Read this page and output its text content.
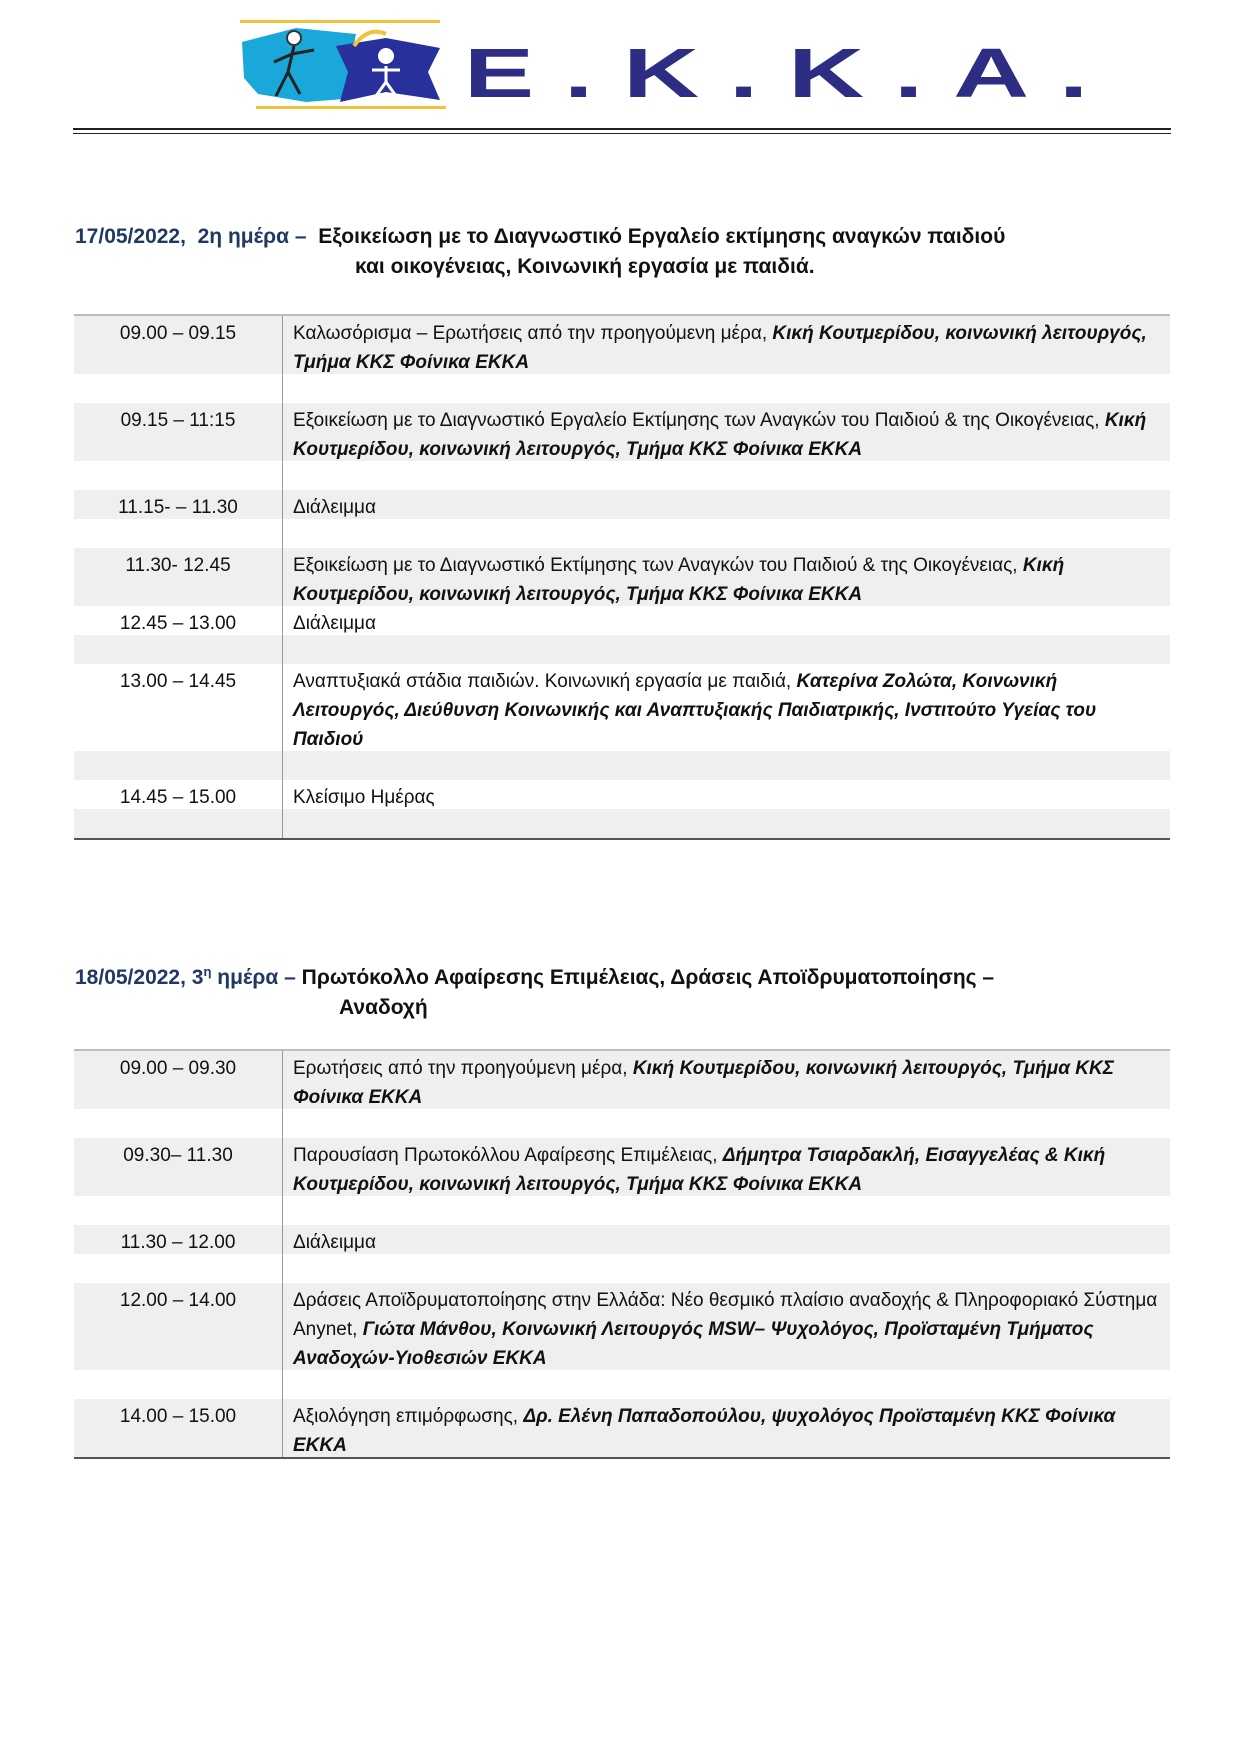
Ε.Κ.Κ.Α.
17/05/2022, 2η ημέρα – Εξοικείωση με το Διαγνωστικό Εργαλείο εκτίμησης αναγκών παιδιού
και οικογένειας, Κοινωνική εργασία με παιδιά.
09.00 – 09.15	Καλωσόρισμα – Ερωτήσεις από την προηγούμενη μέρα, Κική Κουτμερίδου, κοινωνική λειτουργός, Τμήμα ΚΚΣ Φοίνικα ΕΚΚΑ
09.15 – 11:15	Εξοικείωση με το Διαγνωστικό Εργαλείο Εκτίμησης των Αναγκών του Παιδιού & της Οικογένειας, Κική Κουτμερίδου, κοινωνική λειτουργός, Τμήμα ΚΚΣ Φοίνικα ΕΚΚΑ
11.15- – 11.30	Διάλειμμα
11.30- 12.45	Εξοικείωση με το Διαγνωστικό Εκτίμησης των Αναγκών του Παιδιού & της Οικογένειας, Κική Κουτμερίδου, κοινωνική λειτουργός, Τμήμα ΚΚΣ Φοίνικα ΕΚΚΑ
12.45 – 13.00	Διάλειμμα
13.00 – 14.45	Αναπτυξιακά στάδια παιδιών. Κοινωνική εργασία με παιδιά, Κατερίνα Ζολώτα, Κοινωνική Λειτουργός, Διεύθυνση Κοινωνικής και Αναπτυξιακής Παιδιατρικής, Ινστιτούτο Υγείας του Παιδιού
14.45 – 15.00	Κλείσιμο Ημέρας
18/05/2022, $3^\eta$ ημέρα – Πρωτόκολλο Αφαίρεσης Επιμέλειας, Δράσεις Αποϊδρυματοποίησης –
Αναδοχή
09.00 – 09.30	Ερωτήσεις από την προηγούμενη μέρα, Κική Κουτμερίδου, κοινωνική λειτουργός, Τμήμα ΚΚΣ Φοίνικα ΕΚΚΑ
09.30– 11.30	Παρουσίαση Πρωτοκόλλου Αφαίρεσης Επιμέλειας, Δήμητρα Τσιαρδακλή, Εισαγγελέας & Κική Κουτμερίδου, κοινωνική λειτουργός, Τμήμα ΚΚΣ Φοίνικα ΕΚΚΑ
11.30 – 12.00	Διάλειμμα
12.00 – 14.00	Δράσεις Αποϊδρυματοποίησης στην Ελλάδα: Νέο θεσμικό πλαίσιο αναδοχής & Πληροφοριακό Σύστημα Anynet, Γιώτα Μάνθου, Κοινωνική Λειτουργός MSW– Ψυχολόγος, Προϊσταμένη Τμήματος Αναδοχών-Υιοθεσιών ΕΚΚΑ
14.00 – 15.00	Αξιολόγηση επιμόρφωσης, Δρ. Ελένη Παπαδοπούλου, ψυχολόγος Προϊσταμένη ΚΚΣ Φοίνικα ΕΚΚΑ
